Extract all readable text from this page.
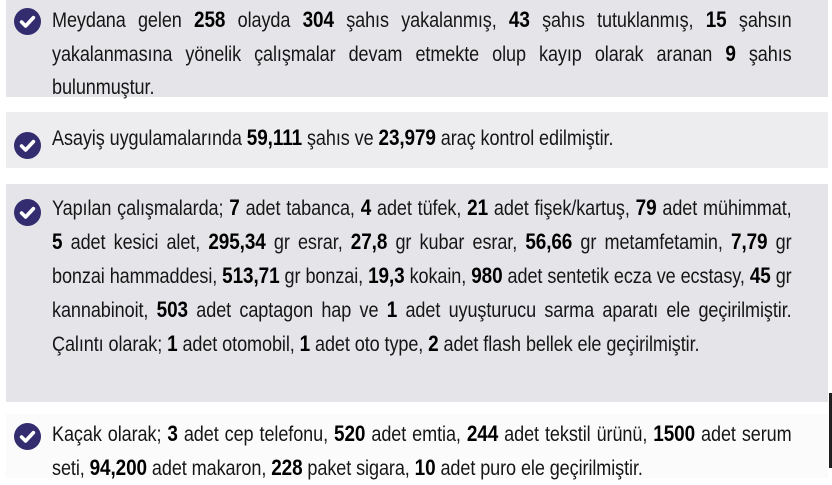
Meydana gelen 258 olayda 304 şahıs yakalanmış, 43 şahıs tutuklanmış, 15 şahsın yakalanmasına yönelik çalışmalar devam etmekte olup kayıp olarak aranan 9 şahıs bulunmuştur.

Asayiş uygulamalarında 59,111 şahıs ve 23,979 araç kontrol edilmiştir.

Yapılan çalışmalarda; 7 adet tabanca, 4 adet tüfek, 21 adet fişek/kartuş, 79 adet mühimmat, 5 adet kesici alet, 295,34 gr esrar, 27,8 gr kubar esrar, 56,66 gr metamfetamin, 7,79 gr bonzai hammaddesi, 513,71 gr bonzai, 19,3 kokain, 980 adet sentetik ecza ve ecstasy, 45 gr kannabinoit, 503 adet captagon hap ve 1 adet uyuşturucu sarma aparatı ele geçirilmiştir. Çalıntı olarak; 1 adet otomobil, 1 adet oto type, 2 adet flash bellek ele geçirilmiştir.

Kaçak olarak; 3 adet cep telefonu, 520 adet emtia, 244 adet tekstil ürünü, 1500 adet serum seti, 94,200 adet makaron, 228 paket sigara, 10 adet puro ele geçirilmiştir.
